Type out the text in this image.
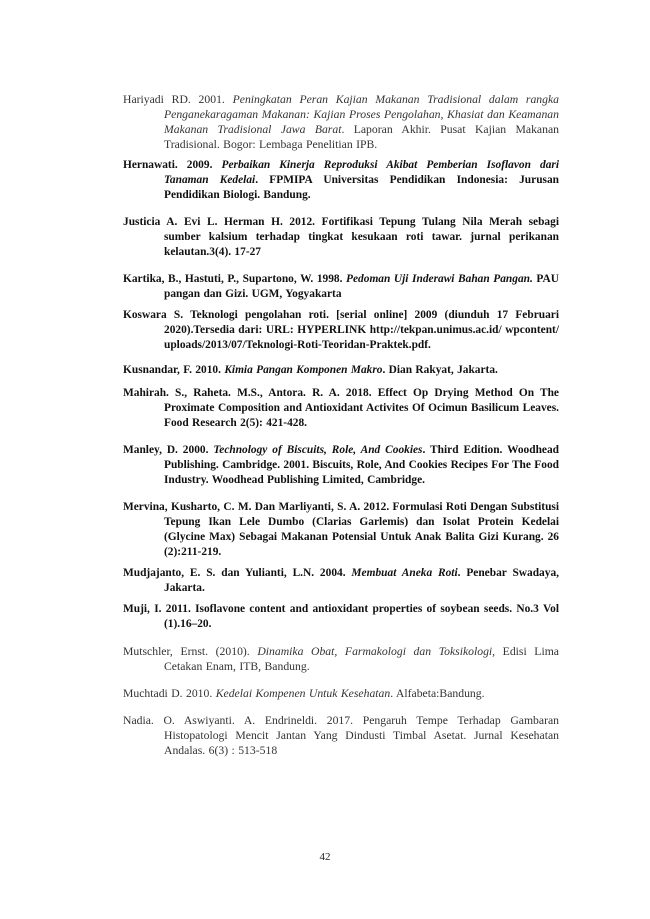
Hariyadi RD. 2001. Peningkatan Peran Kajian Makanan Tradisional dalam rangka Penganekaragaman Makanan: Kajian Proses Pengolahan, Khasiat dan Keamanan Makanan Tradisional Jawa Barat. Laporan Akhir. Pusat Kajian Makanan Tradisional. Bogor: Lembaga Penelitian IPB.

Hernawati. 2009. Perbaikan Kinerja Reproduksi Akibat Pemberian Isoflavon dari Tanaman Kedelai. FPMIPA Universitas Pendidikan Indonesia: Jurusan Pendidikan Biologi. Bandung.

Justicia A. Evi L. Herman H. 2012. Fortifikasi Tepung Tulang Nila Merah sebagi sumber kalsium terhadap tingkat kesukaan roti tawar. jurnal perikanan kelautan.3(4). 17-27

Kartika, B., Hastuti, P., Supartono, W. 1998. Pedoman Uji Inderawi Bahan Pangan. PAU pangan dan Gizi. UGM, Yogyakarta

Koswara S. Teknologi pengolahan roti. [serial online] 2009 (diunduh 17 Februari 2020).Tersedia dari: URL: HYPERLINK http://tekpan.unimus.ac.id/ wpcontent/ uploads/2013/07/Teknologi-Roti-Teoridan-Praktek.pdf.

Kusnandar, F. 2010. Kimia Pangan Komponen Makro. Dian Rakyat, Jakarta.

Mahirah. S., Raheta. M.S., Antora. R. A. 2018. Effect Op Drying Method On The Proximate Composition and Antioxidant Activites Of Ocimun Basilicum Leaves. Food Research 2(5): 421-428.

Manley, D. 2000. Technology of Biscuits, Role, And Cookies. Third Edition. Woodhead Publishing. Cambridge. 2001. Biscuits, Role, And Cookies Recipes For The Food Industry. Woodhead Publishing Limited, Cambridge.

Mervina, Kusharto, C. M. Dan Marliyanti, S. A. 2012. Formulasi Roti Dengan Substitusi Tepung Ikan Lele Dumbo (Clarias Garlemis) dan Isolat Protein Kedelai (Glycine Max) Sebagai Makanan Potensial Untuk Anak Balita Gizi Kurang. 26 (2):211-219.

Mudjajanto, E. S. dan Yulianti, L.N. 2004. Membuat Aneka Roti. Penebar Swadaya, Jakarta.

Muji, I. 2011. Isoflavone content and antioxidant properties of soybean seeds. No.3 Vol (1).16–20.

Mutschler, Ernst. (2010). Dinamika Obat, Farmakologi dan Toksikologi, Edisi Lima Cetakan Enam, ITB, Bandung.

Muchtadi D. 2010. Kedelai Kompenen Untuk Kesehatan. Alfabeta:Bandung.

Nadia. O. Aswiyanti. A. Endrineldi. 2017. Pengaruh Tempe Terhadap Gambaran Histopatologi Mencit Jantan Yang Dindusti Timbal Asetat. Jurnal Kesehatan Andalas. 6(3) : 513-518

42
